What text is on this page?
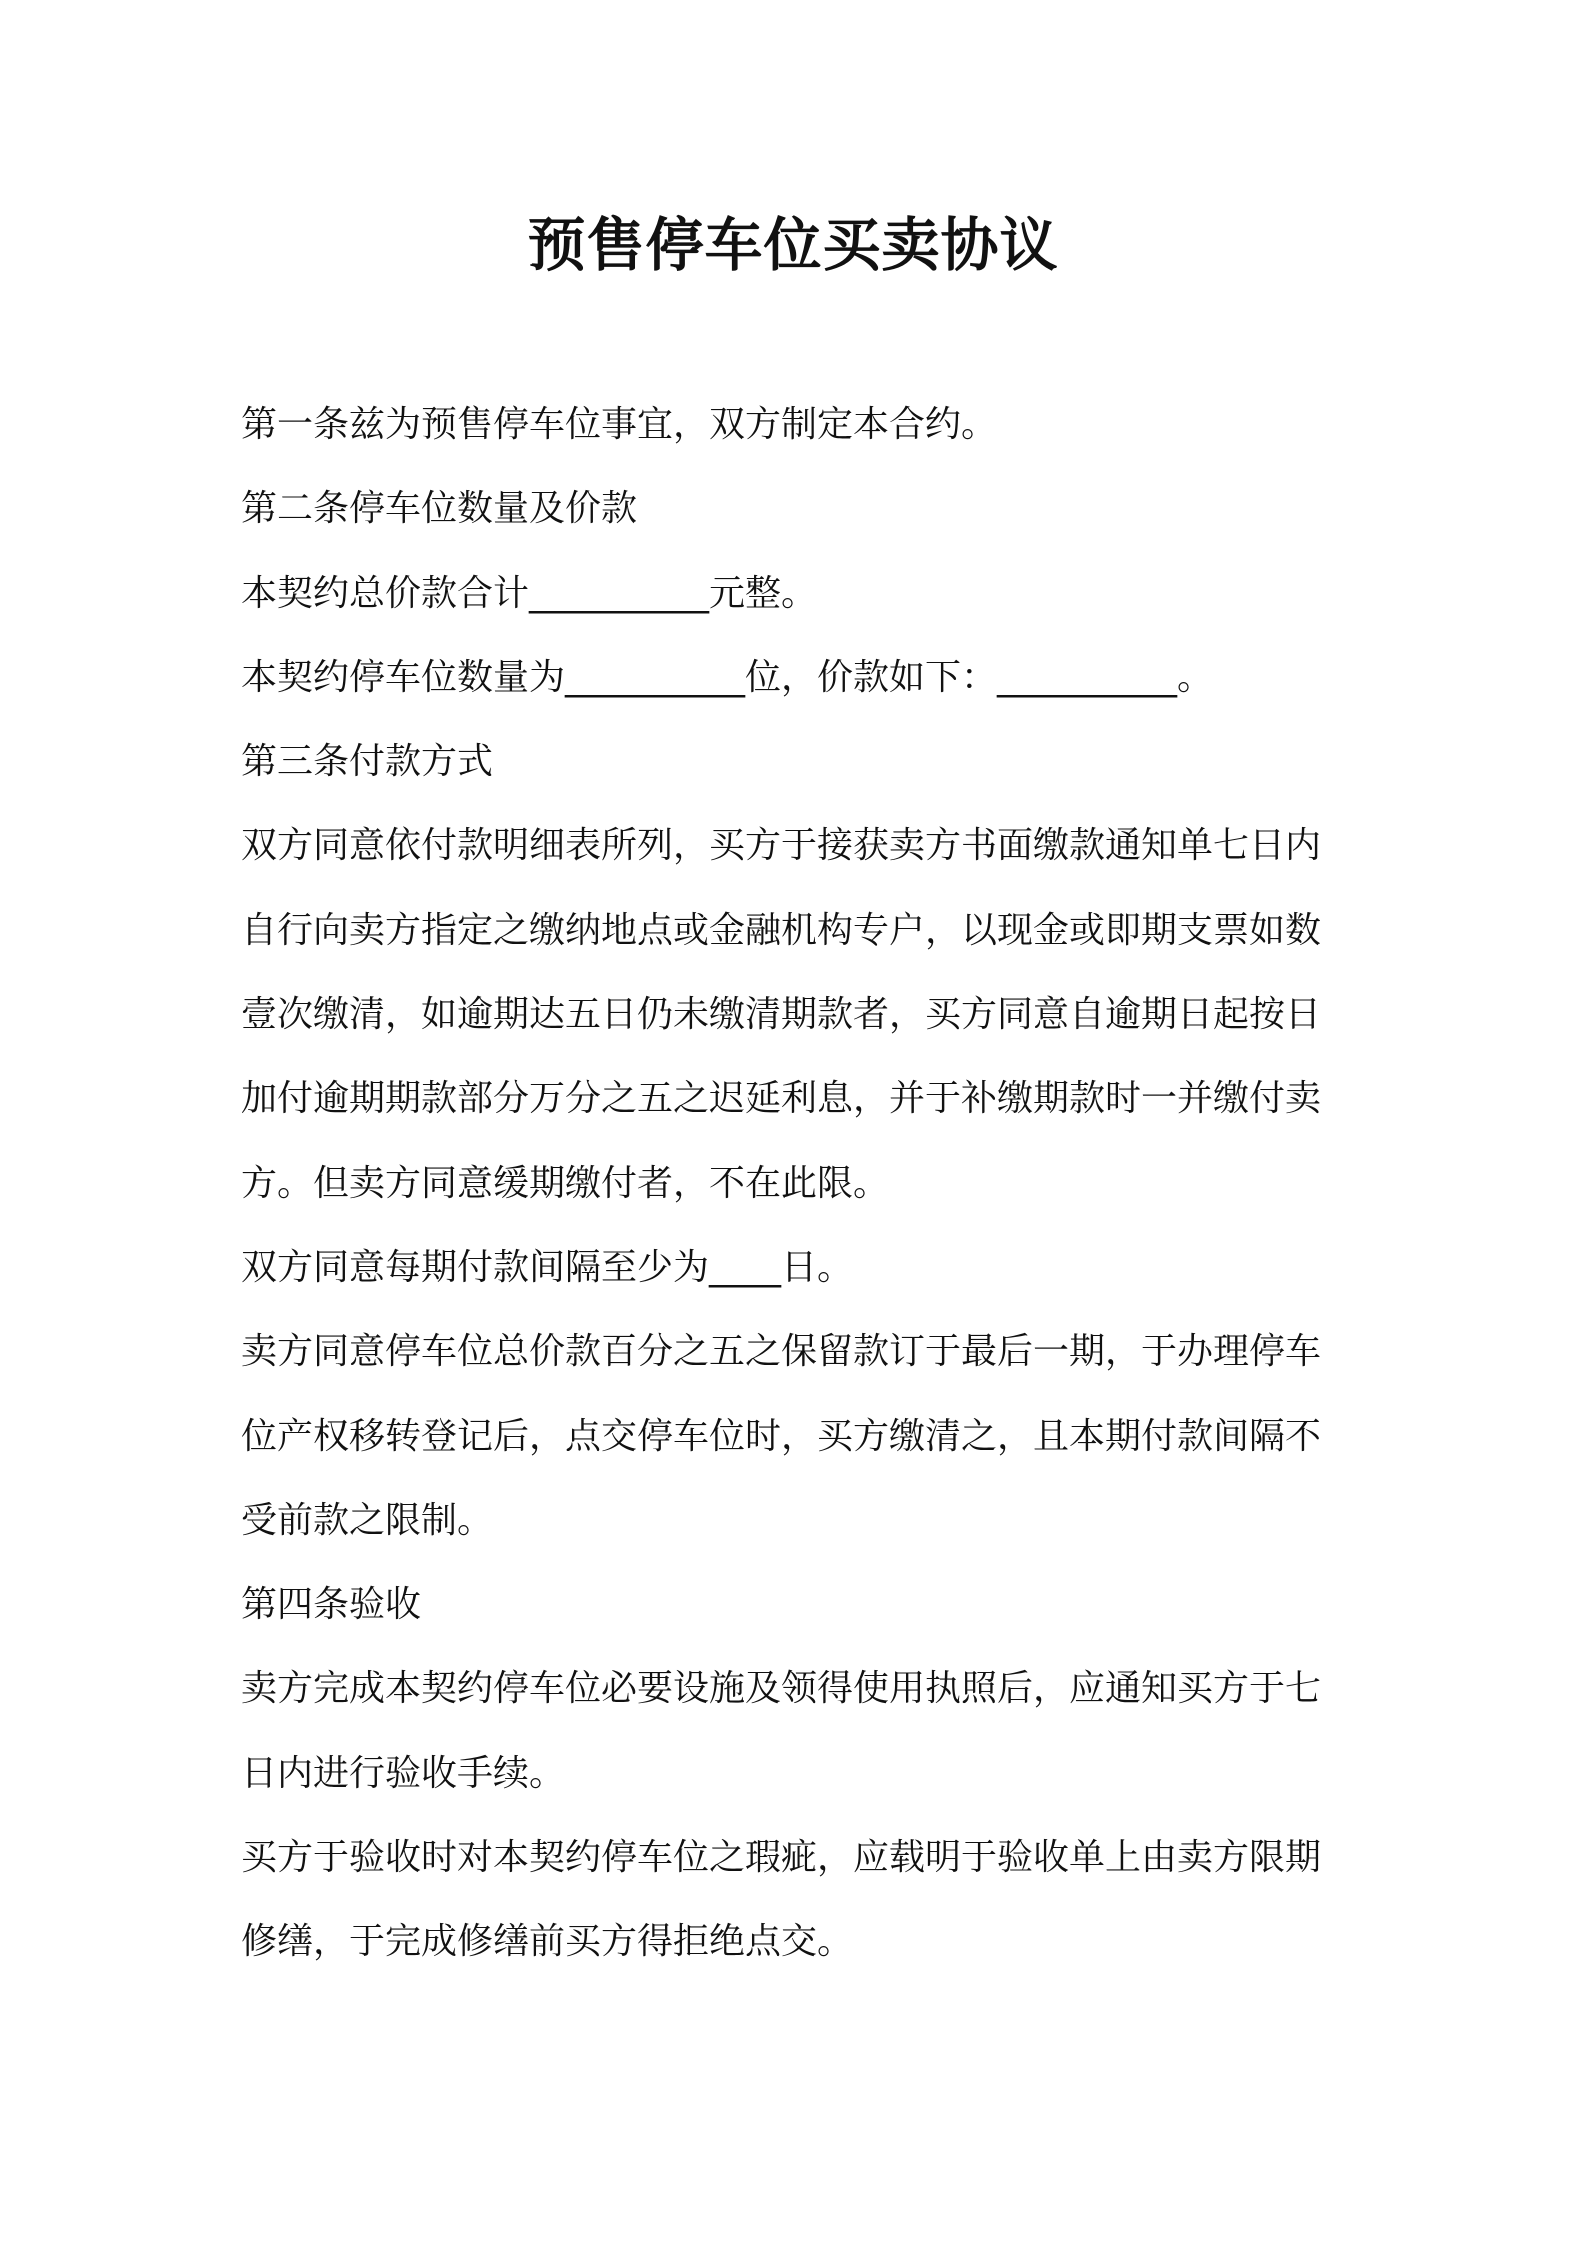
预售停车位买卖协议

第一条兹为预售停车位事宜，双方制定本合约。

第二条停车位数量及价款

本契约总价款合计__________元整。

本契约停车位数量为__________位，价款如下：__________。

第三条付款方式

双方同意依付款明细表所列，买方于接获卖方书面缴款通知单七日内

自行向卖方指定之缴纳地点或金融机构专户，以现金或即期支票如数

壹次缴清，如逾期达五日仍未缴清期款者，买方同意自逾期日起按日

加付逾期期款部分万分之五之迟延利息，并于补缴期款时一并缴付卖

方。但卖方同意缓期缴付者，不在此限。

双方同意每期付款间隔至少为____日。

卖方同意停车位总价款百分之五之保留款订于最后一期，于办理停车

位产权移转登记后，点交停车位时，买方缴清之，且本期付款间隔不

受前款之限制。

第四条验收

卖方完成本契约停车位必要设施及领得使用执照后，应通知买方于七

日内进行验收手续。

买方于验收时对本契约停车位之瑕疵，应载明于验收单上由卖方限期

修缮，于完成修缮前买方得拒绝点交。
